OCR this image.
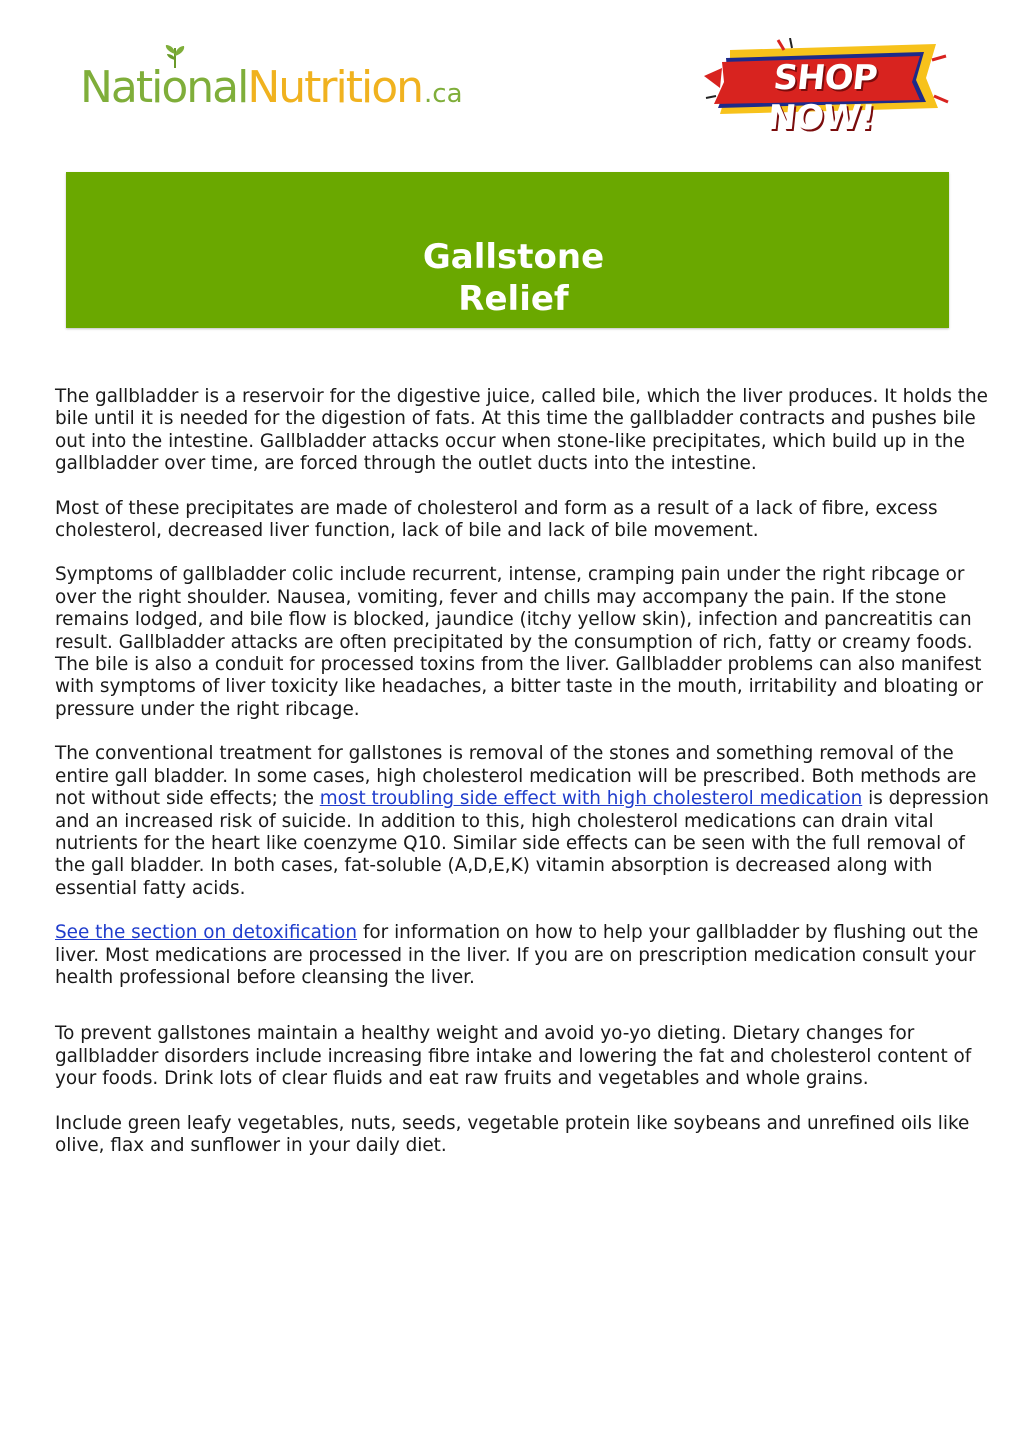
NationalNutrition.ca	SHOP NOW!
Gallstone
Relief

The gallbladder is a reservoir for the digestive juice, called bile, which the liver produces. It holds the bile until it is needed for the digestion of fats. At this time the gallbladder contracts and pushes bile out into the intestine. Gallbladder attacks occur when stone-like precipitates, which build up in the gallbladder over time, are forced through the outlet ducts into the intestine.

Most of these precipitates are made of cholesterol and form as a result of a lack of fibre, excess cholesterol, decreased liver function, lack of bile and lack of bile movement.

Symptoms of gallbladder colic include recurrent, intense, cramping pain under the right ribcage or over the right shoulder. Nausea, vomiting, fever and chills may accompany the pain. If the stone remains lodged, and bile flow is blocked, jaundice (itchy yellow skin), infection and pancreatitis can result. Gallbladder attacks are often precipitated by the consumption of rich, fatty or creamy foods. The bile is also a conduit for processed toxins from the liver. Gallbladder problems can also manifest with symptoms of liver toxicity like headaches, a bitter taste in the mouth, irritability and bloating or pressure under the right ribcage.

The conventional treatment for gallstones is removal of the stones and something removal of the entire gall bladder. In some cases, high cholesterol medication will be prescribed. Both methods are not without side effects; the most troubling side effect with high cholesterol medication is depression and an increased risk of suicide. In addition to this, high cholesterol medications can drain vital nutrients for the heart like coenzyme Q10. Similar side effects can be seen with the full removal of the gall bladder. In both cases, fat-soluble (A,D,E,K) vitamin absorption is decreased along with essential fatty acids.

See the section on detoxification for information on how to help your gallbladder by flushing out the liver. Most medications are processed in the liver. If you are on prescription medication consult your health professional before cleansing the liver.

To prevent gallstones maintain a healthy weight and avoid yo-yo dieting. Dietary changes for gallbladder disorders include increasing fibre intake and lowering the fat and cholesterol content of your foods. Drink lots of clear fluids and eat raw fruits and vegetables and whole grains.

Include green leafy vegetables, nuts, seeds, vegetable protein like soybeans and unrefined oils like olive, flax and sunflower in your daily diet.
